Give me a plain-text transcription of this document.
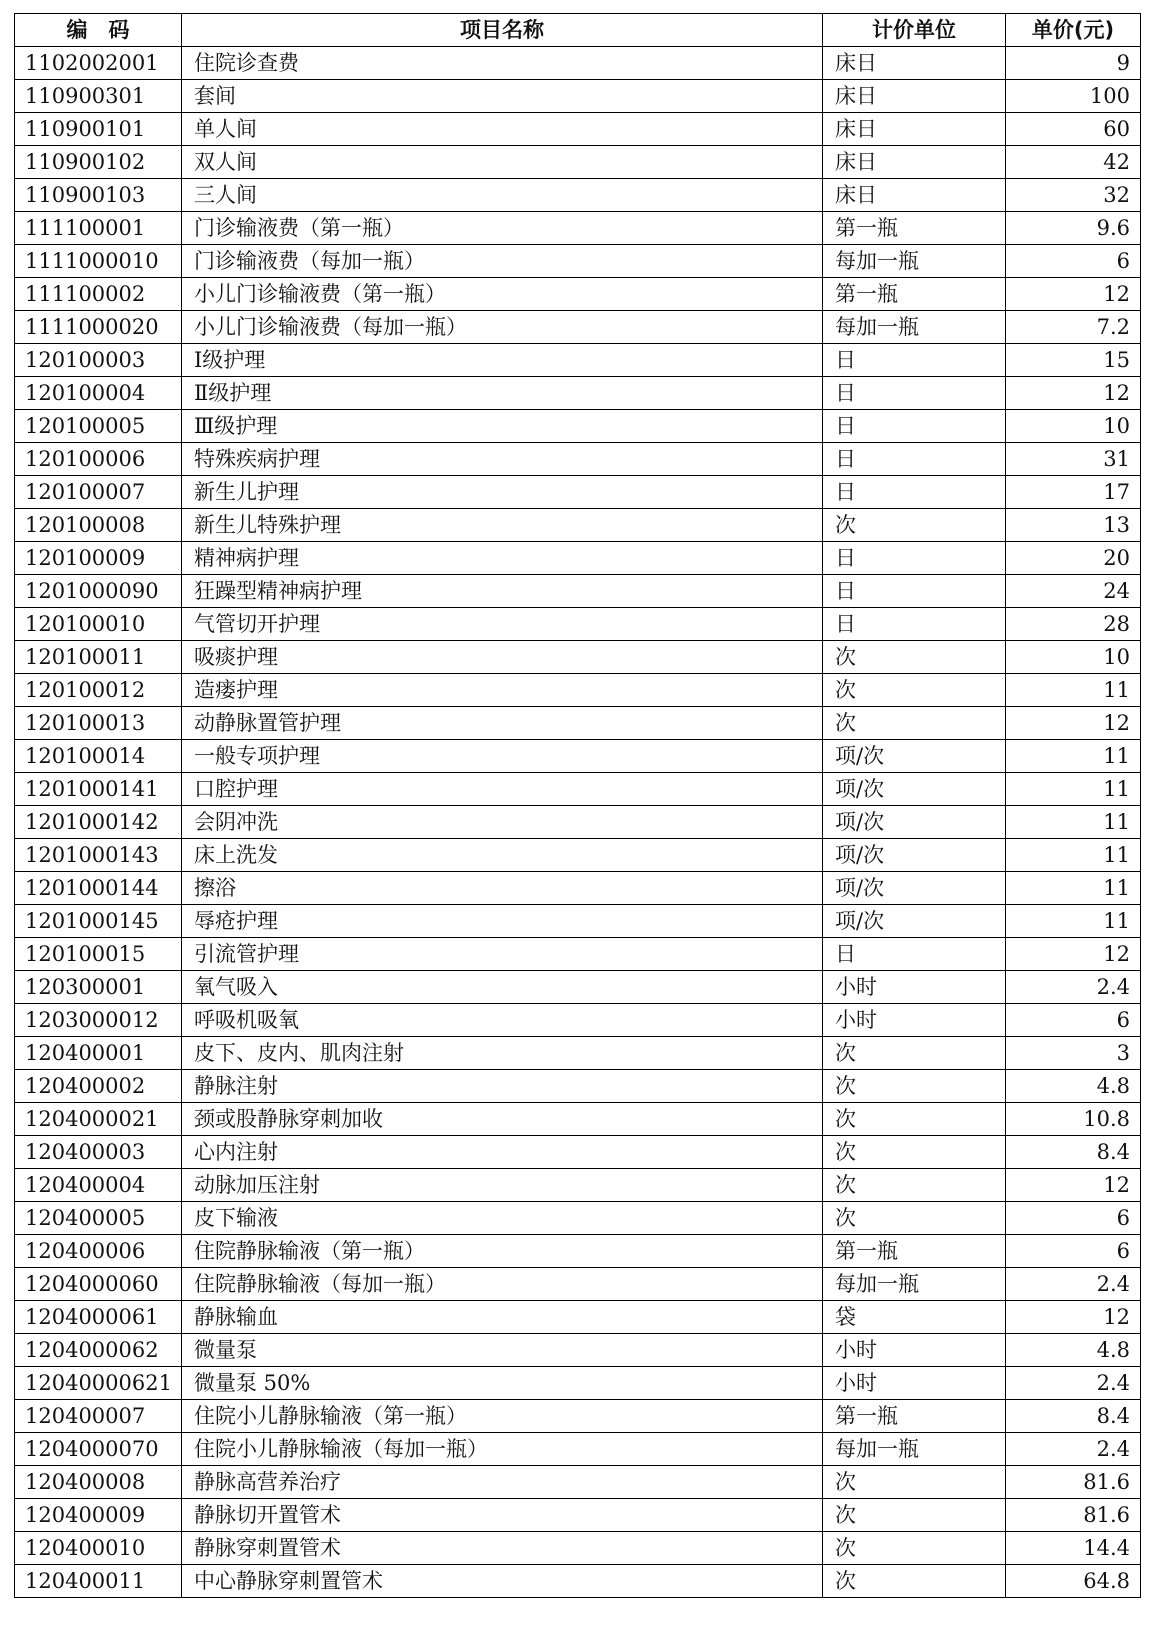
编　码	项目名称	计价单位	单价(元)
1102002001	住院诊查费	床日	9
110900301	套间	床日	100
110900101	单人间	床日	60
110900102	双人间	床日	42
110900103	三人间	床日	32
111100001	门诊输液费（第一瓶）	第一瓶	9.6
1111000010	门诊输液费（每加一瓶）	每加一瓶	6
111100002	小儿门诊输液费（第一瓶）	第一瓶	12
1111000020	小儿门诊输液费（每加一瓶）	每加一瓶	7.2
120100003	Ⅰ级护理	日	15
120100004	Ⅱ级护理	日	12
120100005	Ⅲ级护理	日	10
120100006	特殊疾病护理	日	31
120100007	新生儿护理	日	17
120100008	新生儿特殊护理	次	13
120100009	精神病护理	日	20
1201000090	狂躁型精神病护理	日	24
120100010	气管切开护理	日	28
120100011	吸痰护理	次	10
120100012	造瘘护理	次	11
120100013	动静脉置管护理	次	12
120100014	一般专项护理	项/次	11
1201000141	口腔护理	项/次	11
1201000142	会阴冲洗	项/次	11
1201000143	床上洗发	项/次	11
1201000144	擦浴	项/次	11
1201000145	辱疮护理	项/次	11
120100015	引流管护理	日	12
120300001	氧气吸入	小时	2.4
1203000012	呼吸机吸氧	小时	6
120400001	皮下、皮内、肌肉注射	次	3
120400002	静脉注射	次	4.8
1204000021	颈或股静脉穿刺加收	次	10.8
120400003	心内注射	次	8.4
120400004	动脉加压注射	次	12
120400005	皮下输液	次	6
120400006	住院静脉输液（第一瓶）	第一瓶	6
1204000060	住院静脉输液（每加一瓶）	每加一瓶	2.4
1204000061	静脉输血	袋	12
1204000062	微量泵	小时	4.8
12040000621	微量泵 50%	小时	2.4
120400007	住院小儿静脉输液（第一瓶）	第一瓶	8.4
1204000070	住院小儿静脉输液（每加一瓶）	每加一瓶	2.4
120400008	静脉高营养治疗	次	81.6
120400009	静脉切开置管术	次	81.6
120400010	静脉穿刺置管术	次	14.4
120400011	中心静脉穿刺置管术	次	64.8
